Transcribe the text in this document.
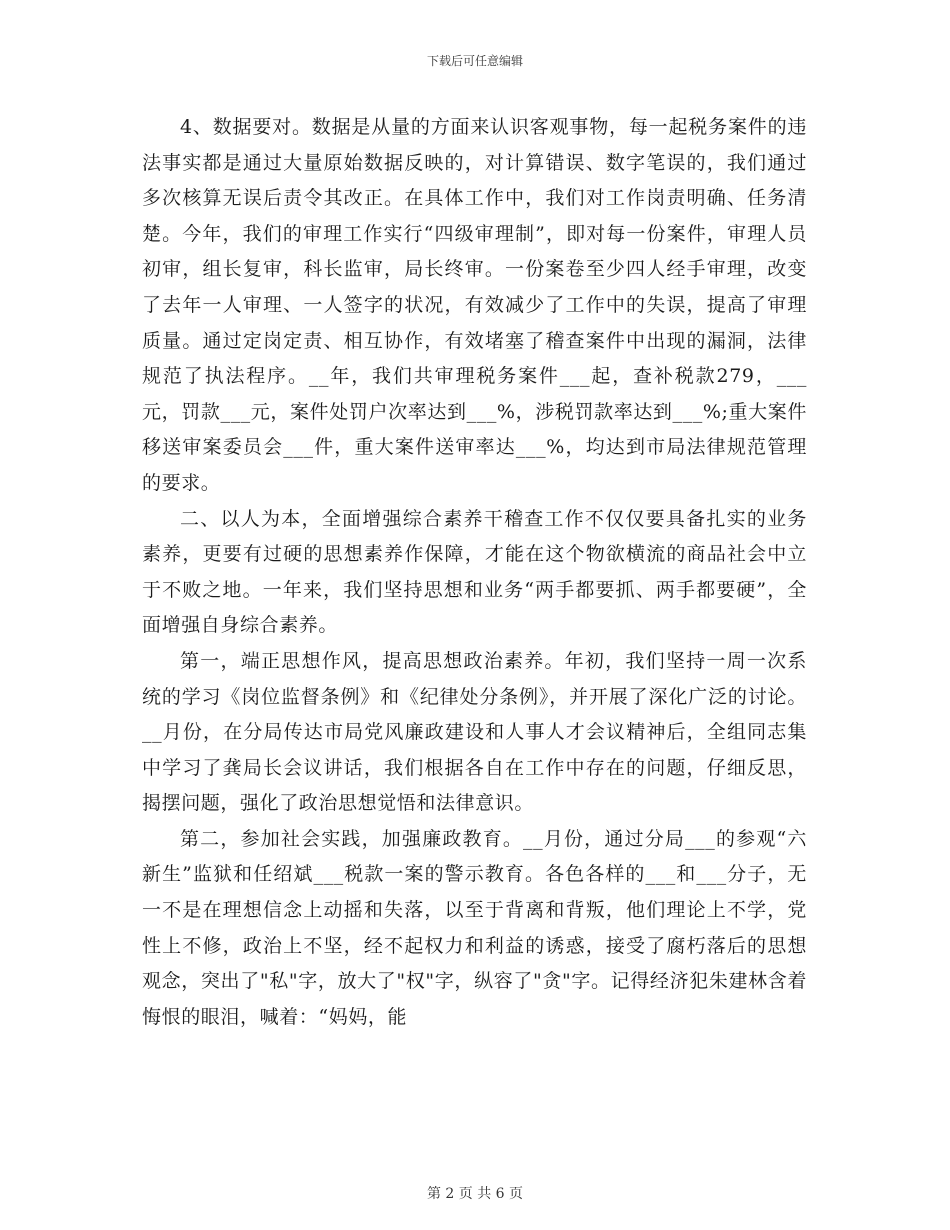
下载后可任意编辑

4、数据要对。数据是从量的方面来认识客观事物，每一起税务案件的违法事实都是通过大量原始数据反映的，对计算错误、数字笔误的，我们通过多次核算无误后责令其改正。在具体工作中，我们对工作岗责明确、任务清楚。今年，我们的审理工作实行“四级审理制”，即对每一份案件，审理人员初审，组长复审，科长监审，局长终审。一份案卷至少四人经手审理，改变了去年一人审理、一人签字的状况，有效减少了工作中的失误，提高了审理质量。通过定岗定责、相互协作，有效堵塞了稽查案件中出现的漏洞，法律规范了执法程序。__年，我们共审理税务案件___起，查补税款279，___元，罚款___元，案件处罚户次率达到___%，涉税罚款率达到___%;重大案件移送审案委员会___件，重大案件送审率达___%，均达到市局法律规范管理的要求。

二、以人为本，全面增强综合素养干稽查工作不仅仅要具备扎实的业务素养，更要有过硬的思想素养作保障，才能在这个物欲横流的商品社会中立于不败之地。一年来，我们坚持思想和业务“两手都要抓、两手都要硬”，全面增强自身综合素养。

第一，端正思想作风，提高思想政治素养。年初，我们坚持一周一次系统的学习《岗位监督条例》和《纪律处分条例》，并开展了深化广泛的讨论。__月份，在分局传达市局党风廉政建设和人事人才会议精神后，全组同志集中学习了龚局长会议讲话，我们根据各自在工作中存在的问题，仔细反思，揭摆问题，强化了政治思想觉悟和法律意识。

第二，参加社会实践，加强廉政教育。__月份，通过分局___的参观“六新生”监狱和任绍斌___税款一案的警示教育。各色各样的___和___分子，无一不是在理想信念上动摇和失落，以至于背离和背叛，他们理论上不学，党性上不修，政治上不坚，经不起权力和利益的诱惑，接受了腐朽落后的思想观念，突出了"私"字，放大了"权"字，纵容了"贪"字。记得经济犯朱建林含着悔恨的眼泪，喊着：“妈妈，能

第 2 页 共 6 页
